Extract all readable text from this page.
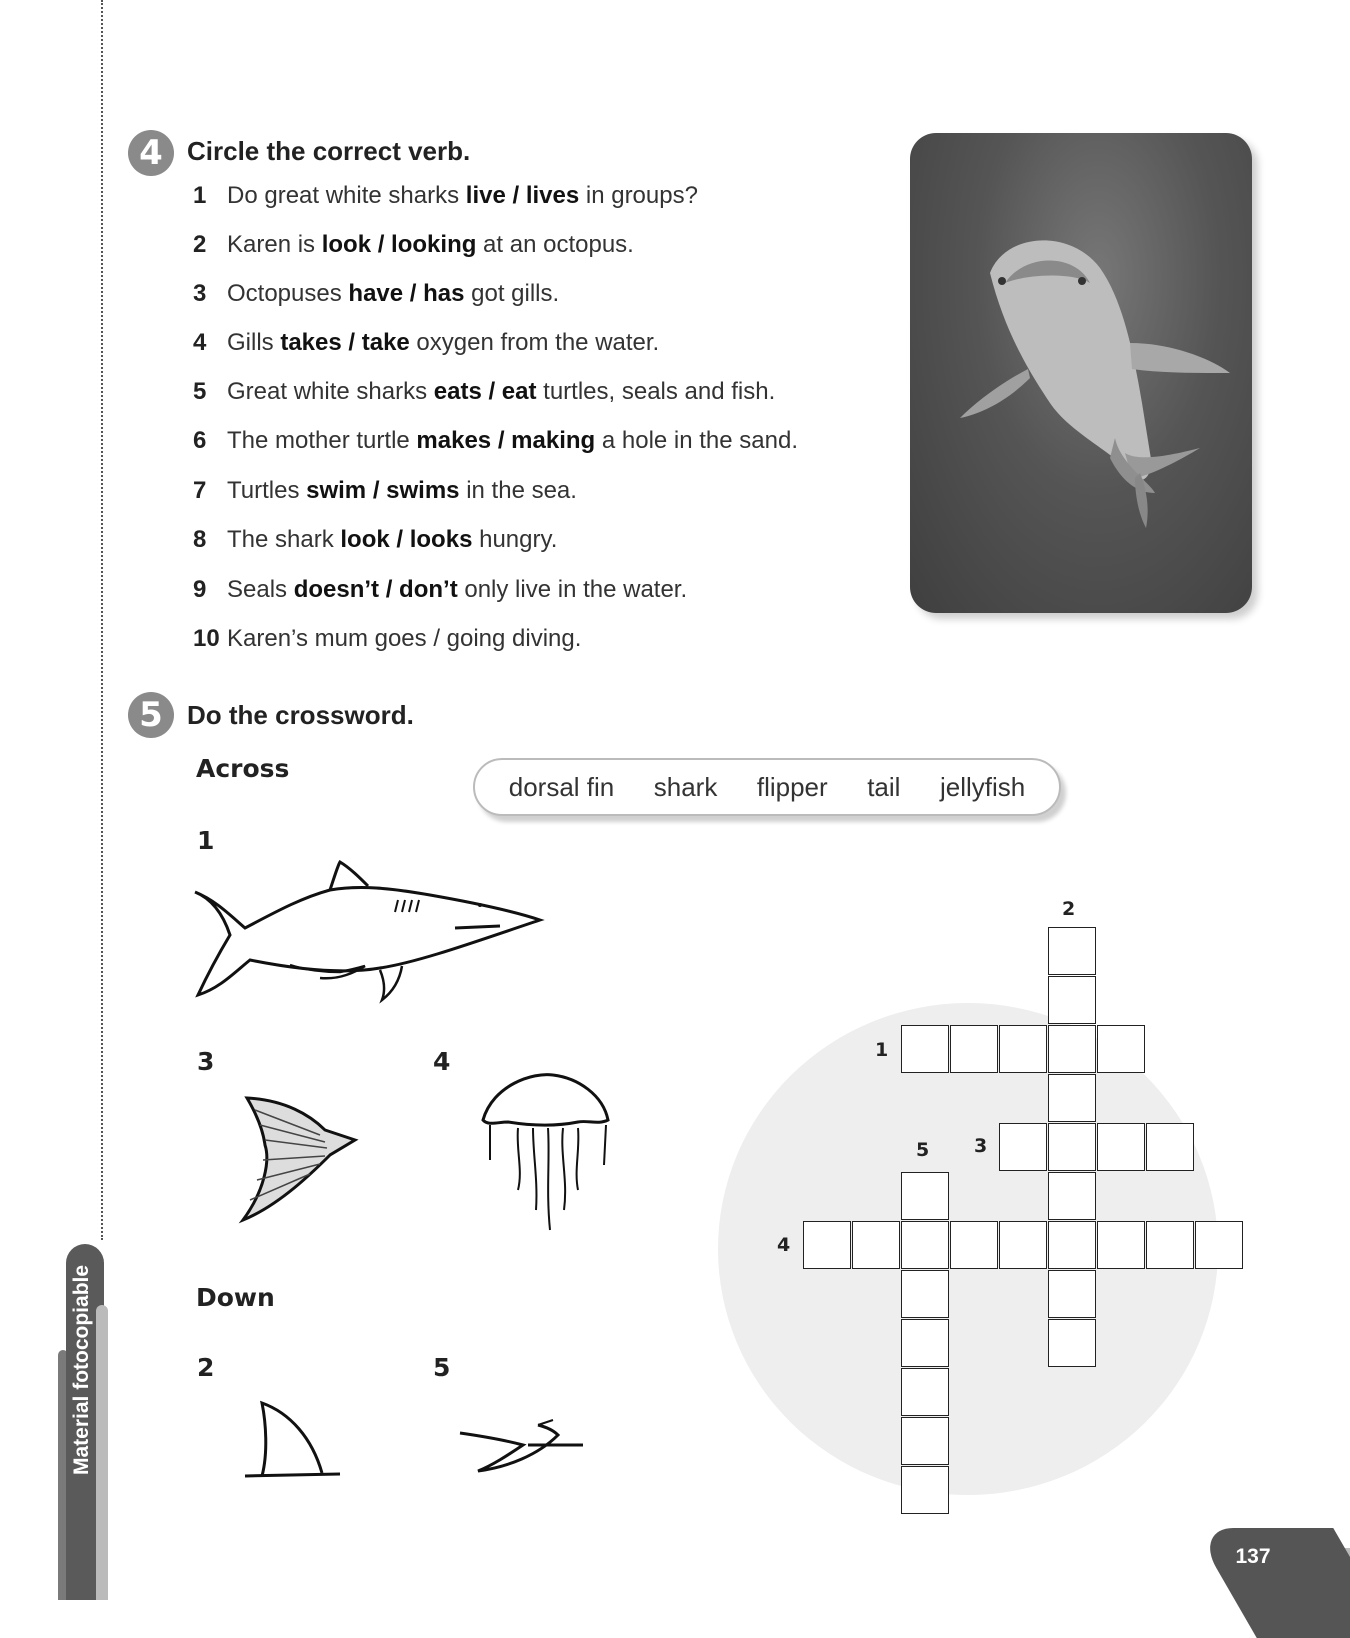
Material fotocopiable
4 Circle the correct verb.
1 Do great white sharks live / lives in groups?
2 Karen is look / looking at an octopus.
3 Octopuses have / has got gills.
4 Gills takes / take oxygen from the water.
5 Great white sharks eats / eat turtles, seals and fish.
6 The mother turtle makes / making a hole in the sand.
7 Turtles swim / swims in the sea.
8 The shark look / looks hungry.
9 Seals doesn’t / don’t only live in the water.
10 Karen’s mum goes / going diving.
5 Do the crossword.
Across
dorsal fin shark flipper tail jellyfish
1
3	4
Down
2	5
2
1
5 3
4
137
